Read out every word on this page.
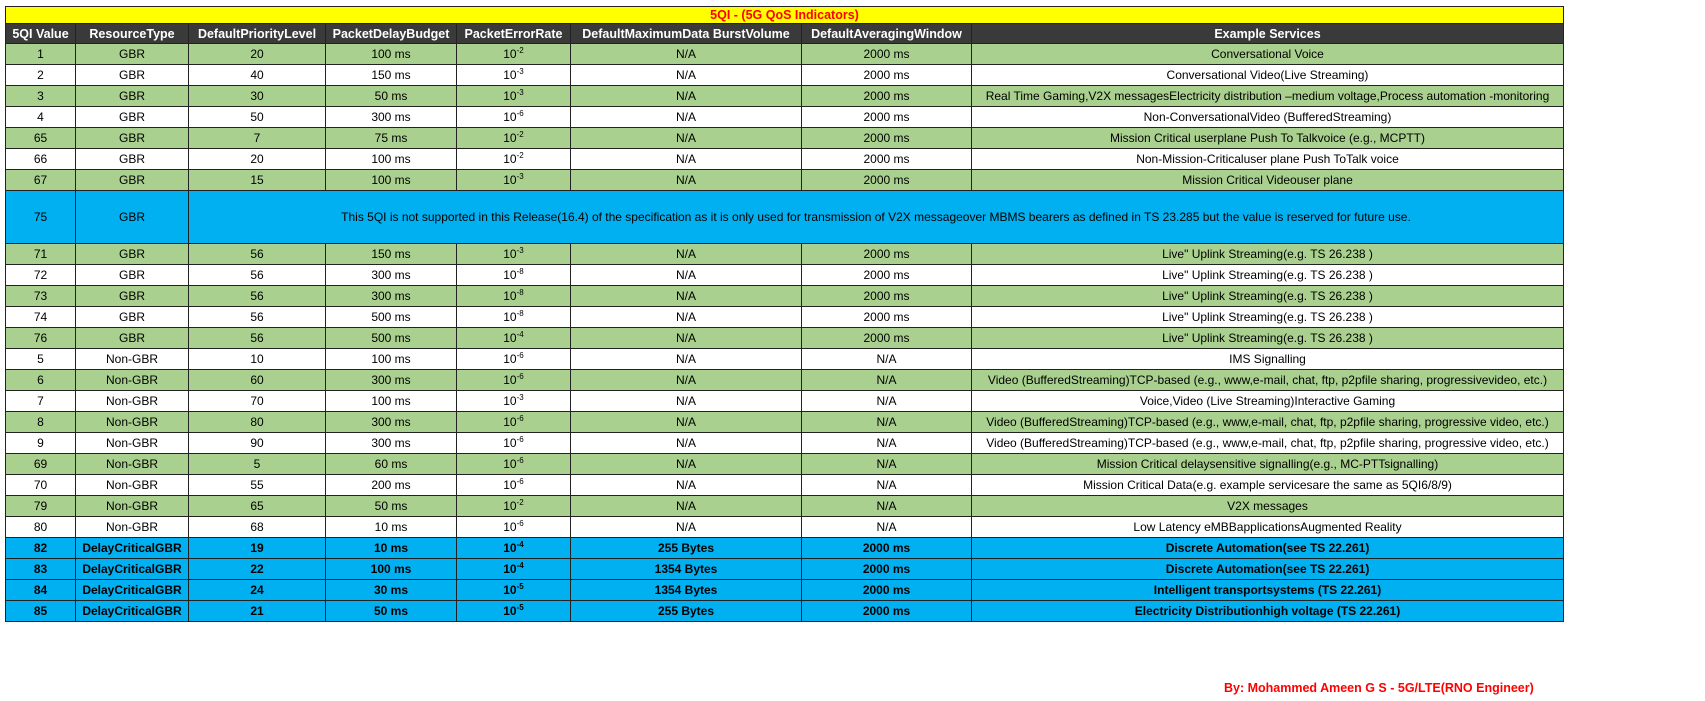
5QI - (5G QoS Indicators)							
5QI Value	ResourceType	DefaultPriorityLevel	PacketDelayBudget	PacketErrorRate	DefaultMaximumData BurstVolume	DefaultAveragingWindow	Example Services
1	GBR	20	100 ms	$10^{-2}$	N/A	2000 ms	Conversational Voice
2	GBR	40	150 ms	$10^{-3}$	N/A	2000 ms	Conversational Video(Live Streaming)
3	GBR	30	50 ms	$10^{-3}$	N/A	2000 ms	Real Time Gaming,V2X messagesElectricity distribution –medium voltage,Process automation -monitoring
4	GBR	50	300 ms	$10^{-6}$	N/A	2000 ms	Non-ConversationalVideo (BufferedStreaming)
65	GBR	7	75 ms	$10^{-2}$	N/A	2000 ms	Mission Critical userplane Push To Talkvoice (e.g., MCPTT)
66	GBR	20	100 ms	$10^{-2}$	N/A	2000 ms	Non-Mission-Criticaluser plane Push ToTalk voice
67	GBR	15	100 ms	$10^{-3}$	N/A	2000 ms	Mission Critical Videouser plane
75	GBR	This 5QI is not supported in this Release(16.4) of the specification as it is only used for transmission of V2X messageover MBMS bearers as defined in TS 23.285 but the value is reserved for future use.					
71	GBR	56	150 ms	$10^{-3}$	N/A	2000 ms	Live" Uplink Streaming(e.g. TS 26.238 )
72	GBR	56	300 ms	$10^{-8}$	N/A	2000 ms	Live" Uplink Streaming(e.g. TS 26.238 )
73	GBR	56	300 ms	$10^{-8}$	N/A	2000 ms	Live" Uplink Streaming(e.g. TS 26.238 )
74	GBR	56	500 ms	$10^{-8}$	N/A	2000 ms	Live" Uplink Streaming(e.g. TS 26.238 )
76	GBR	56	500 ms	$10^{-4}$	N/A	2000 ms	Live" Uplink Streaming(e.g. TS 26.238 )
5	Non-GBR	10	100 ms	$10^{-6}$	N/A	N/A	IMS Signalling
6	Non-GBR	60	300 ms	$10^{-6}$	N/A	N/A	Video (BufferedStreaming)TCP-based (e.g., www,e-mail, chat, ftp, p2pfile sharing, progressivevideo, etc.)
7	Non-GBR	70	100 ms	$10^{-3}$	N/A	N/A	Voice,Video (Live Streaming)Interactive Gaming
8	Non-GBR	80	300 ms	$10^{-6}$	N/A	N/A	Video (BufferedStreaming)TCP-based (e.g., www,e-mail, chat, ftp, p2pfile sharing, progressive video, etc.)
9	Non-GBR	90	300 ms	$10^{-6}$	N/A	N/A	Video (BufferedStreaming)TCP-based (e.g., www,e-mail, chat, ftp, p2pfile sharing, progressive video, etc.)
69	Non-GBR	5	60 ms	$10^{-6}$	N/A	N/A	Mission Critical delaysensitive signalling(e.g., MC-PTTsignalling)
70	Non-GBR	55	200 ms	$10^{-6}$	N/A	N/A	Mission Critical Data(e.g. example servicesare the same as 5QI6/8/9)
79	Non-GBR	65	50 ms	$10^{-2}$	N/A	N/A	V2X messages
80	Non-GBR	68	10 ms	$10^{-6}$	N/A	N/A	Low Latency eMBBapplicationsAugmented Reality
82	DelayCriticalGBR	19	10 ms	$10^{-4}$	255 Bytes	2000 ms	Discrete Automation(see TS 22.261)
83	DelayCriticalGBR	22	100 ms	$10^{-4}$	1354 Bytes	2000 ms	Discrete Automation(see TS 22.261)
84	DelayCriticalGBR	24	30 ms	$10^{-5}$	1354 Bytes	2000 ms	Intelligent transportsystems (TS 22.261)
85	DelayCriticalGBR	21	50 ms	$10^{-5}$	255 Bytes	2000 ms	Electricity Distributionhigh voltage (TS 22.261)
By: Mohammed Ameen G S - 5G/LTE(RNO Engineer)
